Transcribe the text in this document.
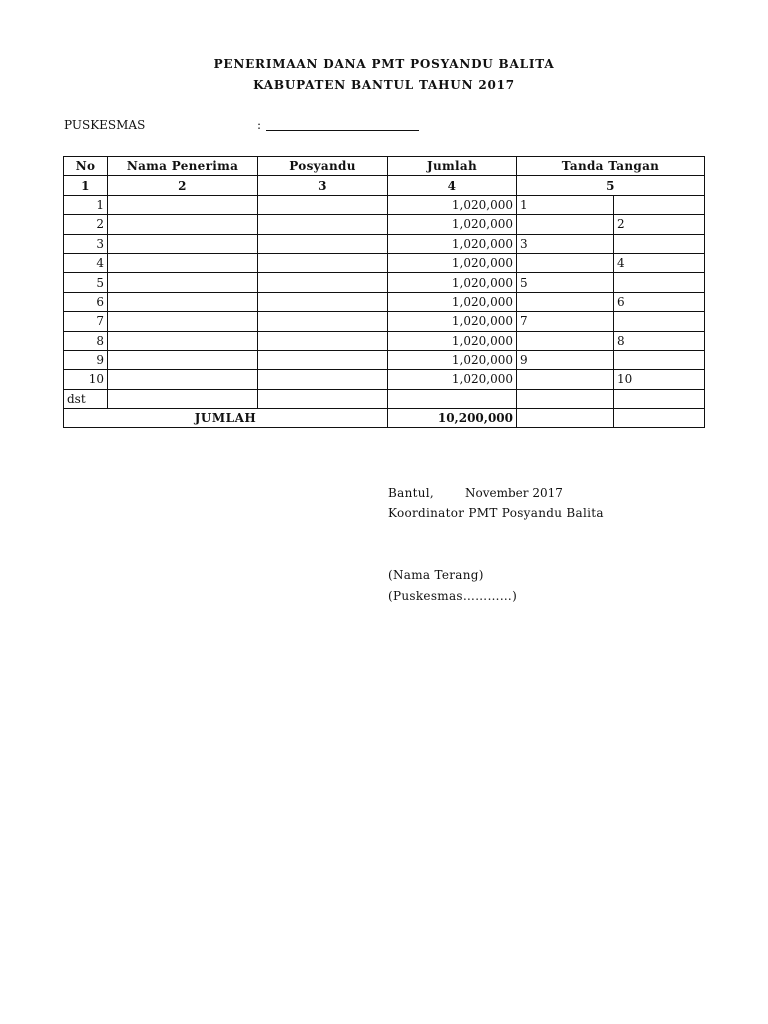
PENERIMAAN DANA PMT POSYANDU BALITA
KABUPATEN BANTUL TAHUN 2017
PUSKESMAS	:
No	Nama Penerima	Posyandu	Jumlah	Tanda Tangan	
1	2	3	4	5	
1			1,020,000	1	
2			1,020,000		2
3			1,020,000	3	
4			1,020,000		4
5			1,020,000	5	
6			1,020,000		6
7			1,020,000	7	
8			1,020,000		8
9			1,020,000	9	
10			1,020,000		10
dst					
JUMLAH			10,200,000		
Bantul,	November 2017
Koordinator PMT Posyandu Balita
(Nama Terang)
(Puskesmas…………)
